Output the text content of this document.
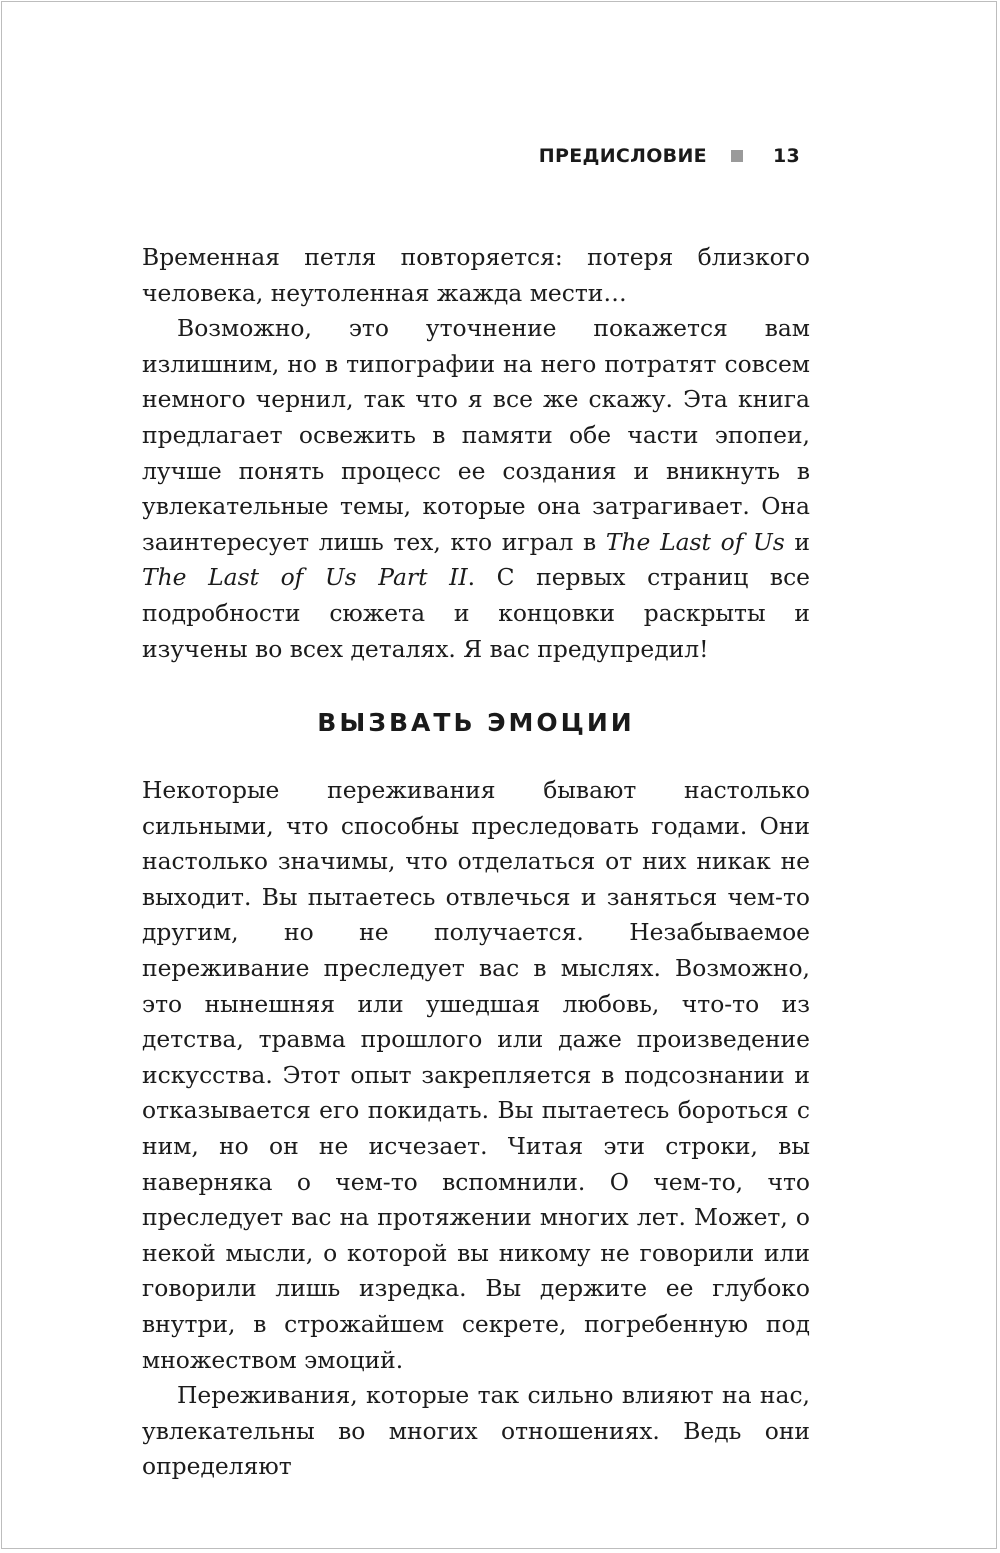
ПРЕДИСЛОВИЕ	13

Временная петля повторяется: потеря близкого человека, неутоленная жажда мести…

Возможно, это уточнение покажется вам излишним, но в типографии на него потратят совсем немного чернил, так что я все же скажу. Эта книга предлагает освежить в памяти обе части эпопеи, лучше понять процесс ее создания и вникнуть в увлекательные темы, которые она затрагивает. Она заинтересует лишь тех, кто играл в The Last of Us и The Last of Us Part II. С первых страниц все подробности сюжета и концовки раскрыты и изучены во всех деталях. Я вас предупредил!

ВЫЗВАТЬ ЭМОЦИИ

Некоторые переживания бывают настолько сильными, что способны преследовать годами. Они настолько значимы, что отделаться от них никак не выходит. Вы пытаетесь отвлечься и заняться чем-то другим, но не получается. Незабываемое переживание преследует вас в мыслях. Возможно, это нынешняя или ушедшая любовь, что-то из детства, травма прошлого или даже произведение искусства. Этот опыт закрепляется в подсознании и отказывается его покидать. Вы пытаетесь бороться с ним, но он не исчезает. Читая эти строки, вы наверняка о чем-то вспомнили. О чем-то, что преследует вас на протяжении многих лет. Может, о некой мысли, о которой вы никому не говорили или говорили лишь изредка. Вы держите ее глубоко внутри, в строжайшем секрете, погребенную под множеством эмоций.

Переживания, которые так сильно влияют на нас, увлекательны во многих отношениях. Ведь они определяют
